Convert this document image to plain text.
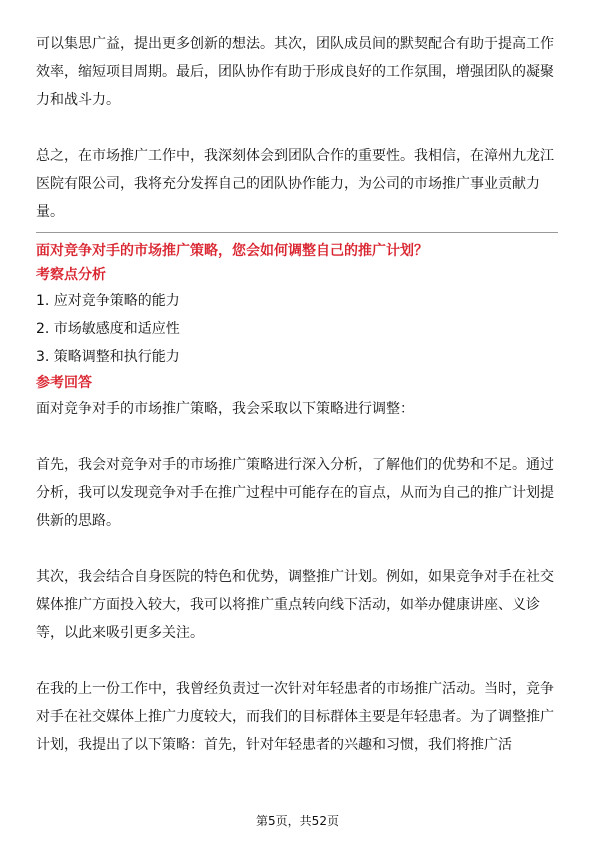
可以集思广益，提出更多创新的想法。其次，团队成员间的默契配合有助于提高工作效率，缩短项目周期。最后，团队协作有助于形成良好的工作氛围，增强团队的凝聚力和战斗力。

总之，在市场推广工作中，我深刻体会到团队合作的重要性。我相信，在漳州九龙江医院有限公司，我将充分发挥自己的团队协作能力，为公司的市场推广事业贡献力量。

面对竞争对手的市场推广策略，您会如何调整自己的推广计划？

考察点分析

1. 应对竞争策略的能力

2. 市场敏感度和适应性

3. 策略调整和执行能力

参考回答

面对竞争对手的市场推广策略，我会采取以下策略进行调整：

首先，我会对竞争对手的市场推广策略进行深入分析，了解他们的优势和不足。通过分析，我可以发现竞争对手在推广过程中可能存在的盲点，从而为自己的推广计划提供新的思路。

其次，我会结合自身医院的特色和优势，调整推广计划。例如，如果竞争对手在社交媒体推广方面投入较大，我可以将推广重点转向线下活动，如举办健康讲座、义诊等，以此来吸引更多关注。

在我的上一份工作中，我曾经负责过一次针对年轻患者的市场推广活动。当时，竞争对手在社交媒体上推广力度较大，而我们的目标群体主要是年轻患者。为了调整推广计划，我提出了以下策略：首先，针对年轻患者的兴趣和习惯，我们将推广活

第5页，共52页
